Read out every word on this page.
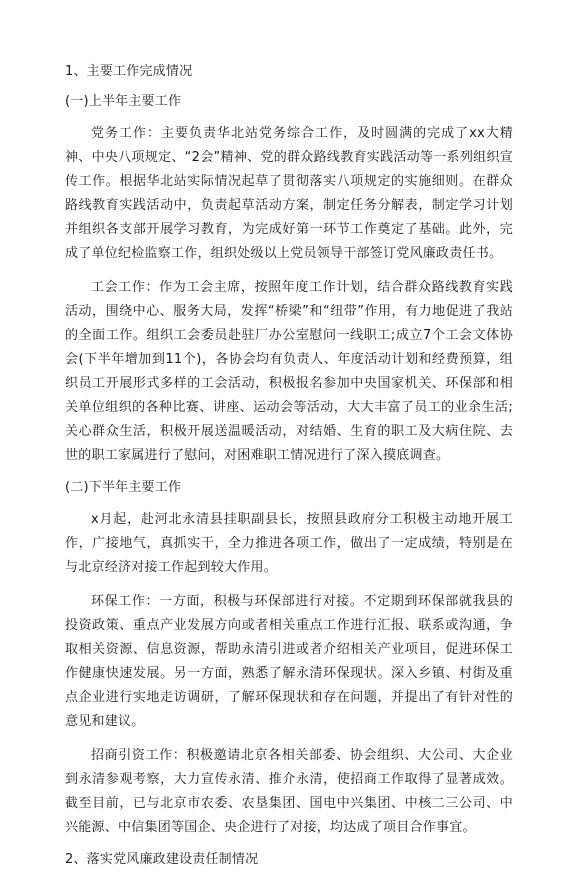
1、主要工作完成情况
(一)上半年主要工作

党务工作：主要负责华北站党务综合工作，及时圆满的完成了xx大精神、中央八项规定、“2会”精神、党的群众路线教育实践活动等一系列组织宣传工作。根据华北站实际情况起草了贯彻落实八项规定的实施细则。在群众路线教育实践活动中，负责起草活动方案，制定任务分解表，制定学习计划并组织各支部开展学习教育，为完成好第一环节工作奠定了基础。此外，完成了单位纪检监察工作，组织处级以上党员领导干部签订党风廉政责任书。

工会工作：作为工会主席，按照年度工作计划，结合群众路线教育实践活动，围绕中心、服务大局，发挥“桥梁”和“纽带”作用，有力地促进了我站的全面工作。组织工会委员赴驻厂办公室慰问一线职工;成立7个工会文体协会(下半年增加到11个)，各协会均有负责人、年度活动计划和经费预算，组织员工开展形式多样的工会活动，积极报名参加中央国家机关、环保部和相关单位组织的各种比赛、讲座、运动会等活动，大大丰富了员工的业余生活;关心群众生活，积极开展送温暖活动，对结婚、生育的职工及大病住院、去世的职工家属进行了慰问，对困难职工情况进行了深入摸底调查。

(二)下半年主要工作

x月起，赴河北永清县挂职副县长，按照县政府分工积极主动地开展工作，广接地气，真抓实干，全力推进各项工作，做出了一定成绩，特别是在与北京经济对接工作起到较大作用。

环保工作：一方面，积极与环保部进行对接。不定期到环保部就我县的投资政策、重点产业发展方向或者相关重点工作进行汇报、联系或沟通，争取相关资源、信息资源，帮助永清引进或者介绍相关产业项目，促进环保工作健康快速发展。另一方面，熟悉了解永清环保现状。深入乡镇、村街及重点企业进行实地走访调研，了解环保现状和存在问题，并提出了有针对性的意见和建议。

招商引资工作：积极邀请北京各相关部委、协会组织、大公司、大企业到永清参观考察，大力宣传永清、推介永清，使招商工作取得了显著成效。截至目前，已与北京市农委、农垦集团、国电中兴集团、中核二三公司、中兴能源、中信集团等国企、央企进行了对接，均达成了项目合作事宜。

2、落实党风廉政建设责任制情况
